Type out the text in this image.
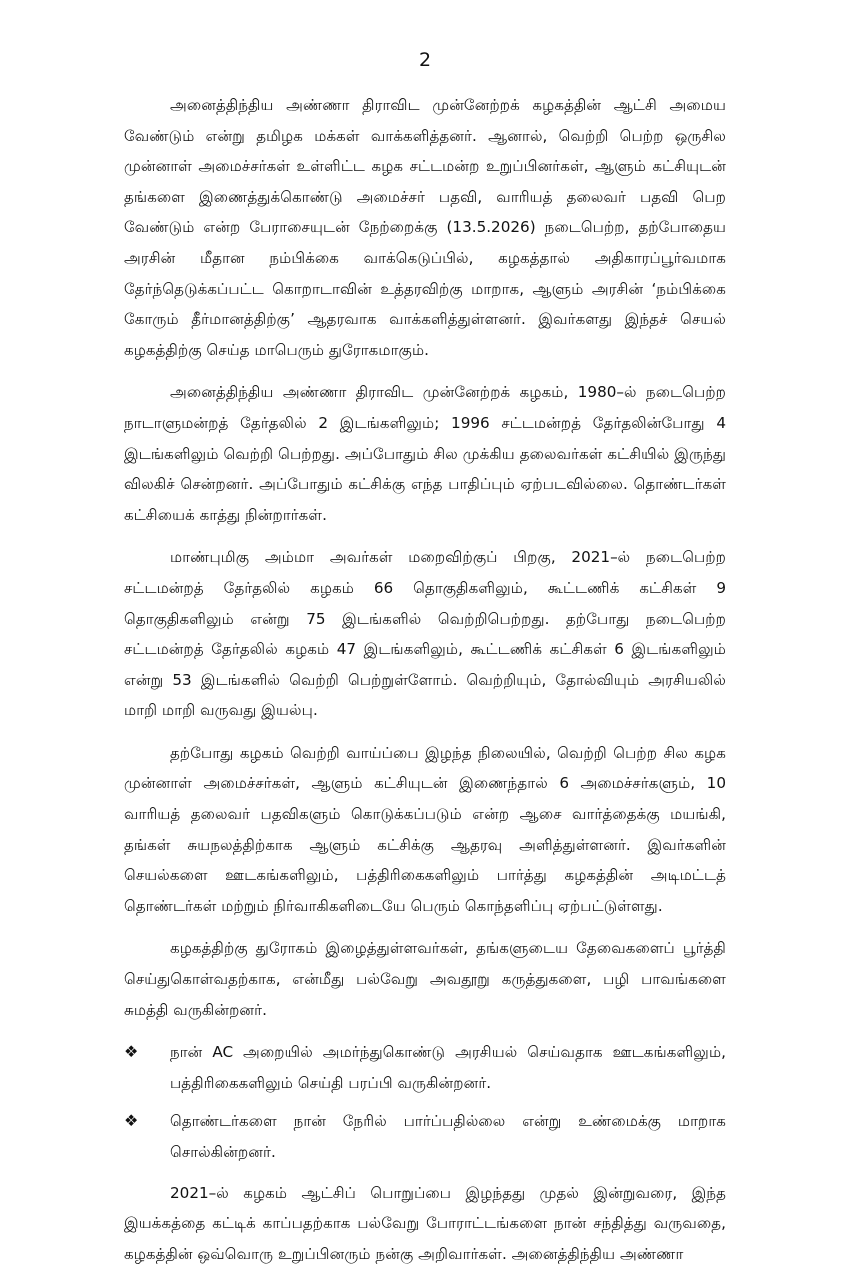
2

அனைத்திந்திய அண்ணா திராவிட முன்னேற்றக் கழகத்தின் ஆட்சி அமைய வேண்டும் என்று தமிழக மக்கள் வாக்களித்தனர். ஆனால், வெற்றி பெற்ற ஒருசில முன்னாள் அமைச்சர்கள் உள்ளிட்ட கழக சட்டமன்ற உறுப்பினர்கள், ஆளும் கட்சியுடன் தங்களை இணைத்துக்கொண்டு அமைச்சர் பதவி, வாரியத் தலைவர் பதவி பெற வேண்டும் என்ற பேராசையுடன் நேற்றைக்கு (13.5.2026) நடைபெற்ற, தற்போதைய அரசின் மீதான நம்பிக்கை வாக்கெடுப்பில், கழகத்தால் அதிகாரப்பூர்வமாக தேர்ந்தெடுக்கப்பட்ட கொறாடாவின் உத்தரவிற்கு மாறாக, ஆளும் அரசின் ‘நம்பிக்கை கோரும் தீர்மானத்திற்கு’ ஆதரவாக வாக்களித்துள்ளனர். இவர்களது இந்தச் செயல் கழகத்திற்கு செய்த மாபெரும் துரோகமாகும்.

அனைத்திந்திய அண்ணா திராவிட முன்னேற்றக் கழகம், 1980–ல் நடைபெற்ற நாடாளுமன்றத் தேர்தலில் 2 இடங்களிலும்; 1996 சட்டமன்றத் தேர்தலின்போது 4 இடங்களிலும் வெற்றி பெற்றது. அப்போதும் சில முக்கிய தலைவர்கள் கட்சியில் இருந்து விலகிச் சென்றனர். அப்போதும் கட்சிக்கு எந்த பாதிப்பும் ஏற்படவில்லை. தொண்டர்கள் கட்சியைக் காத்து நின்றார்கள்.

மாண்புமிகு அம்மா அவர்கள் மறைவிற்குப் பிறகு, 2021–ல் நடைபெற்ற சட்டமன்றத் தேர்தலில் கழகம் 66 தொகுதிகளிலும், கூட்டணிக் கட்சிகள் 9 தொகுதிகளிலும் என்று 75 இடங்களில் வெற்றிபெற்றது. தற்போது நடைபெற்ற சட்டமன்றத் தேர்தலில் கழகம் 47 இடங்களிலும், கூட்டணிக் கட்சிகள் 6 இடங்களிலும் என்று 53 இடங்களில் வெற்றி பெற்றுள்ளோம். வெற்றியும், தோல்வியும் அரசியலில் மாறி மாறி வருவது இயல்பு.

தற்போது கழகம் வெற்றி வாய்ப்பை இழந்த நிலையில், வெற்றி பெற்ற சில கழக முன்னாள் அமைச்சர்கள், ஆளும் கட்சியுடன் இணைந்தால் 6 அமைச்சர்களும், 10 வாரியத் தலைவர் பதவிகளும் கொடுக்கப்படும் என்ற ஆசை வார்த்தைக்கு மயங்கி, தங்கள் சுயநலத்திற்காக ஆளும் கட்சிக்கு ஆதரவு அளித்துள்ளனர். இவர்களின் செயல்களை ஊடகங்களிலும், பத்திரிகைகளிலும் பார்த்து கழகத்தின் அடிமட்டத் தொண்டர்கள் மற்றும் நிர்வாகிகளிடையே பெரும் கொந்தளிப்பு ஏற்பட்டுள்ளது.

கழகத்திற்கு துரோகம் இழைத்துள்ளவர்கள், தங்களுடைய தேவைகளைப் பூர்த்தி செய்துகொள்வதற்காக, என்மீது பல்வேறு அவதூறு கருத்துகளை, பழி பாவங்களை சுமத்தி வருகின்றனர்.

❖ நான் AC அறையில் அமர்ந்துகொண்டு அரசியல் செய்வதாக ஊடகங்களிலும், பத்திரிகைகளிலும் செய்தி பரப்பி வருகின்றனர்.
❖ தொண்டர்களை நான் நேரில் பார்ப்பதில்லை என்று உண்மைக்கு மாறாக சொல்கின்றனர்.

2021–ல் கழகம் ஆட்சிப் பொறுப்பை இழந்தது முதல் இன்றுவரை, இந்த இயக்கத்தை கட்டிக் காப்பதற்காக பல்வேறு போராட்டங்களை நான் சந்தித்து வருவதை, கழகத்தின் ஒவ்வொரு உறுப்பினரும் நன்கு அறிவார்கள். அனைத்திந்திய அண்ணா
